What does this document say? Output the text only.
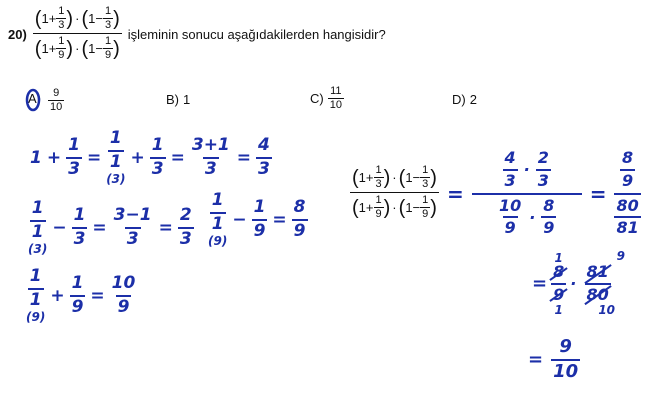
20)
( $1 + \frac{1}{3}$ ) · ( $1 - \frac{1}{3}$ )
( $1 + \frac{1}{9}$ ) · ( $1 - \frac{1}{9}$ )
işleminin sonucu aşağıdakilerden hangisidir?
$A) \frac{9}{10}$	B) 1	$C) \frac{11}{10}$	D) 2
$1 + \frac{1}{3}$ =
1
1
(3)
+ $\frac{1}{3} = \frac{3+1}{3} = \frac{4}{3}$
1
1
(3)
− $\frac{1}{3} = \frac{3-1}{3} = \frac{2}{3}$
1
1
(9)
− $\frac{1}{9} = \frac{8}{9}$
1
1
(9)
+ $\frac{1}{9} = \frac{10}{9}$
$\frac{( 1 + \frac{1}{3} ) \cdot ( 1 - \frac{1}{3} )}{( 1 + \frac{1}{9} ) \cdot ( 1 - \frac{1}{9} )} = 4$
3
·
2
3
10
9
·
8
9 = 8
9
80
81
=
1
8
9
1
·
9
81
80
10
= $\frac{9}{10}$
